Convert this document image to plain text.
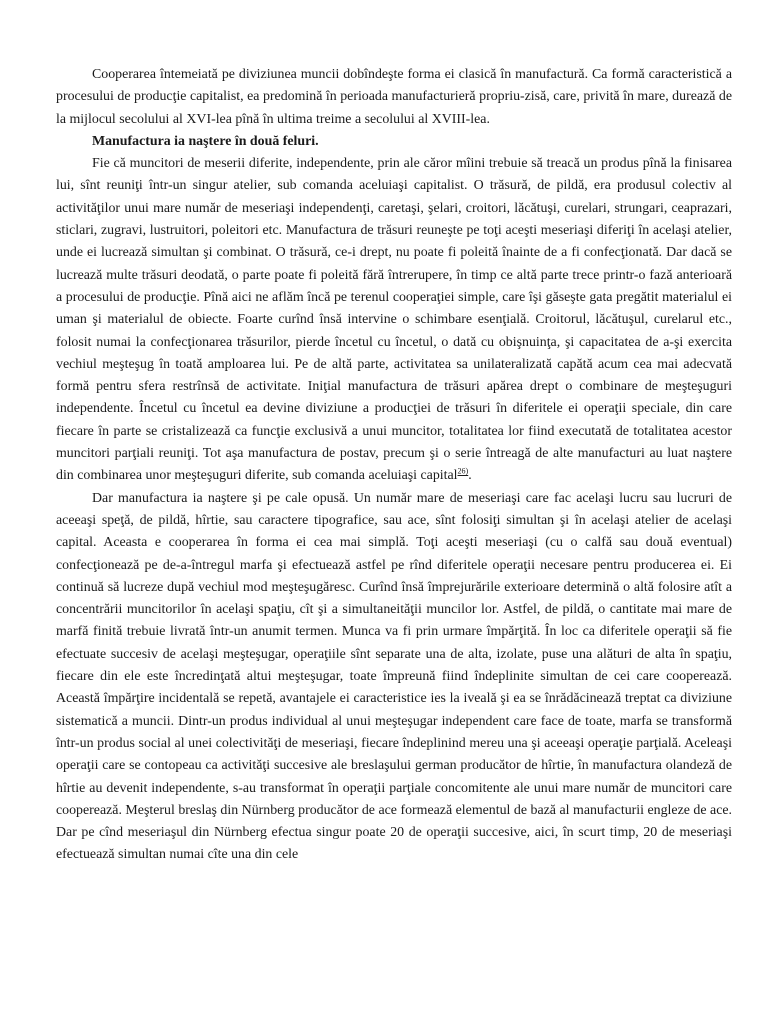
Cooperarea întemeiată pe diviziunea muncii dobîndeşte forma ei clasică în manufactură. Ca formă caracteristică a procesului de producţie capitalist, ea predomină în perioada manufacturieră propriu-zisă, care, privită în mare, durează de la mijlocul secolului al XVI-lea pînă în ultima treime a secolului al XVIII-lea.

Manufactura ia naştere în două feluri.

Fie că muncitori de meserii diferite, independente, prin ale căror mîini trebuie să treacă un produs pînă la finisarea lui, sînt reuniţi într-un singur atelier, sub comanda aceluiaşi capitalist. O trăsură, de pildă, era produsul colectiv al activităţilor unui mare număr de meseriaşi independenţi, caretaşi, şelari, croitori, lăcătuşi, curelari, strungari, ceaprazari, sticlari, zugravi, lustruitori, poleitori etc. Manufactura de trăsuri reuneşte pe toţi aceşti meseriaşi diferiţi în acelaşi atelier, unde ei lucrează simultan şi combinat. O trăsură, ce-i drept, nu poate fi poleită înainte de a fi confecţionată. Dar dacă se lucrează multe trăsuri deodată, o parte poate fi poleită fără întrerupere, în timp ce altă parte trece printr-o fază anterioară a procesului de producţie. Pînă aici ne aflăm încă pe terenul cooperaţiei simple, care îşi găseşte gata pregătit materialul ei uman şi materialul de obiecte. Foarte curînd însă intervine o schimbare esenţială. Croitorul, lăcătuşul, curelarul etc., folosit numai la confecţionarea trăsurilor, pierde încetul cu încetul, o dată cu obişnuinţa, şi capacitatea de a-şi exercita vechiul meşteşug în toată amploarea lui. Pe de altă parte, activitatea sa unilateralizată capătă acum cea mai adecvată formă pentru sfera restrînsă de activitate. Iniţial manufactura de trăsuri apărea drept o combinare de meşteşuguri independente. Încetul cu încetul ea devine diviziune a producţiei de trăsuri în diferitele ei operaţii speciale, din care fiecare în parte se cristalizează ca funcţie exclusivă a unui muncitor, totalitatea lor fiind executată de totalitatea acestor muncitori parţiali reuniţi. Tot aşa manufactura de postav, precum şi o serie întreagă de alte manufacturi au luat naştere din combinarea unor meşteşuguri diferite, sub comanda aceluiaşi capital$^{26)}$.

Dar manufactura ia naştere şi pe cale opusă. Un număr mare de meseriaşi care fac acelaşi lucru sau lucruri de aceeaşi speţă, de pildă, hîrtie, sau caractere tipografice, sau ace, sînt folosiţi simultan şi în acelaşi atelier de acelaşi capital. Aceasta e cooperarea în forma ei cea mai simplă. Toţi aceşti meseriaşi (cu o calfă sau două eventual) confecţionează pe de-a-întregul marfa şi efectuează astfel pe rînd diferitele operaţii necesare pentru producerea ei. Ei continuă să lucreze după vechiul mod meşteşugăresc. Curînd însă împrejurările exterioare determină o altă folosire atît a concentrării muncitorilor în acelaşi spaţiu, cît şi a simultaneităţii muncilor lor. Astfel, de pildă, o cantitate mai mare de marfă finită trebuie livrată într-un anumit termen. Munca va fi prin urmare împărţită. În loc ca diferitele operaţii să fie efectuate succesiv de acelaşi meşteşugar, operaţiile sînt separate una de alta, izolate, puse una alături de alta în spaţiu, fiecare din ele este încredinţată altui meşteşugar, toate împreună fiind îndeplinite simultan de cei care cooperează. Această împărţire incidentală se repetă, avantajele ei caracteristice ies la iveală şi ea se înrădăcinează treptat ca diviziune sistematică a muncii. Dintr-un produs individual al unui meşteşugar independent care face de toate, marfa se transformă într-un produs social al unei colectivităţi de meseriaşi, fiecare îndeplinind mereu una şi aceeaşi operaţie parţială. Aceleaşi operaţii care se contopeau ca activităţi succesive ale breslaşului german producător de hîrtie, în manufactura olandeză de hîrtie au devenit independente, s-au transformat în operaţii parţiale concomitente ale unui mare număr de muncitori care cooperează. Meşterul breslaş din Nürnberg producător de ace formează elementul de bază al manufacturii engleze de ace. Dar pe cînd meseriaşul din Nürnberg efectua singur poate 20 de operaţii succesive, aici, în scurt timp, 20 de meseriaşi efectuează simultan numai cîte una din cele
